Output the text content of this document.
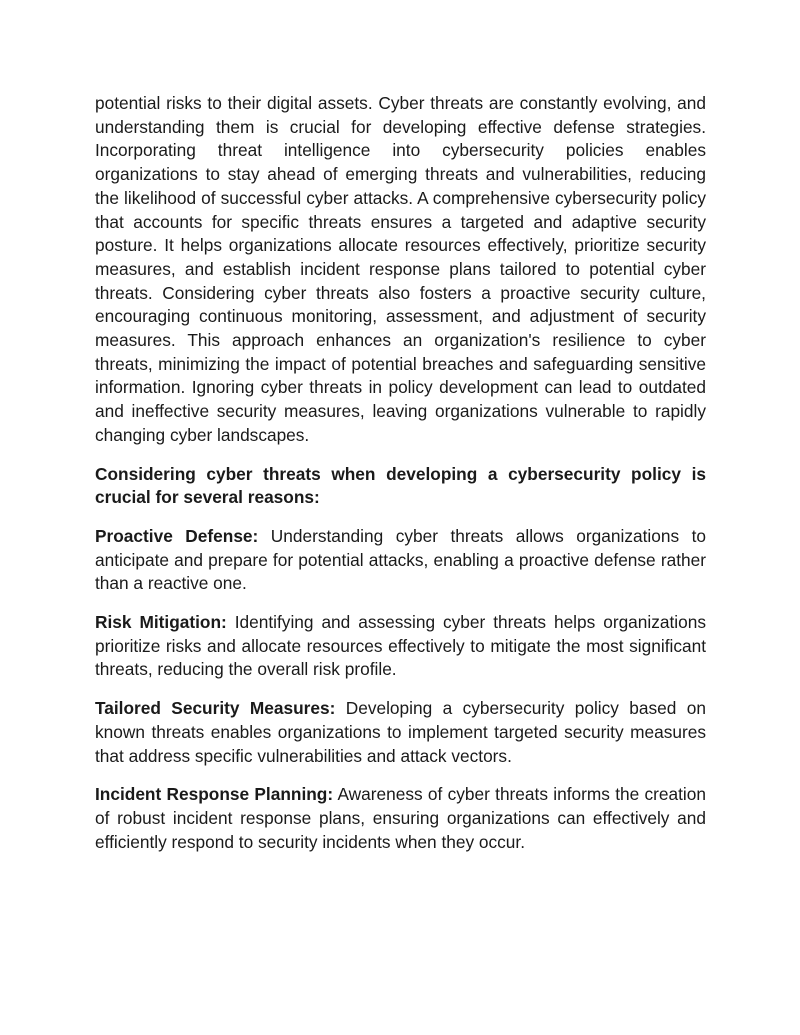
potential risks to their digital assets. Cyber threats are constantly evolving, and understanding them is crucial for developing effective defense strategies. Incorporating threat intelligence into cybersecurity policies enables organizations to stay ahead of emerging threats and vulnerabilities, reducing the likelihood of successful cyber attacks. A comprehensive cybersecurity policy that accounts for specific threats ensures a targeted and adaptive security posture. It helps organizations allocate resources effectively, prioritize security measures, and establish incident response plans tailored to potential cyber threats. Considering cyber threats also fosters a proactive security culture, encouraging continuous monitoring, assessment, and adjustment of security measures. This approach enhances an organization's resilience to cyber threats, minimizing the impact of potential breaches and safeguarding sensitive information. Ignoring cyber threats in policy development can lead to outdated and ineffective security measures, leaving organizations vulnerable to rapidly changing cyber landscapes.

Considering cyber threats when developing a cybersecurity policy is crucial for several reasons:

Proactive Defense: Understanding cyber threats allows organizations to anticipate and prepare for potential attacks, enabling a proactive defense rather than a reactive one.

Risk Mitigation: Identifying and assessing cyber threats helps organizations prioritize risks and allocate resources effectively to mitigate the most significant threats, reducing the overall risk profile.

Tailored Security Measures: Developing a cybersecurity policy based on known threats enables organizations to implement targeted security measures that address specific vulnerabilities and attack vectors.

Incident Response Planning: Awareness of cyber threats informs the creation of robust incident response plans, ensuring organizations can effectively and efficiently respond to security incidents when they occur.
